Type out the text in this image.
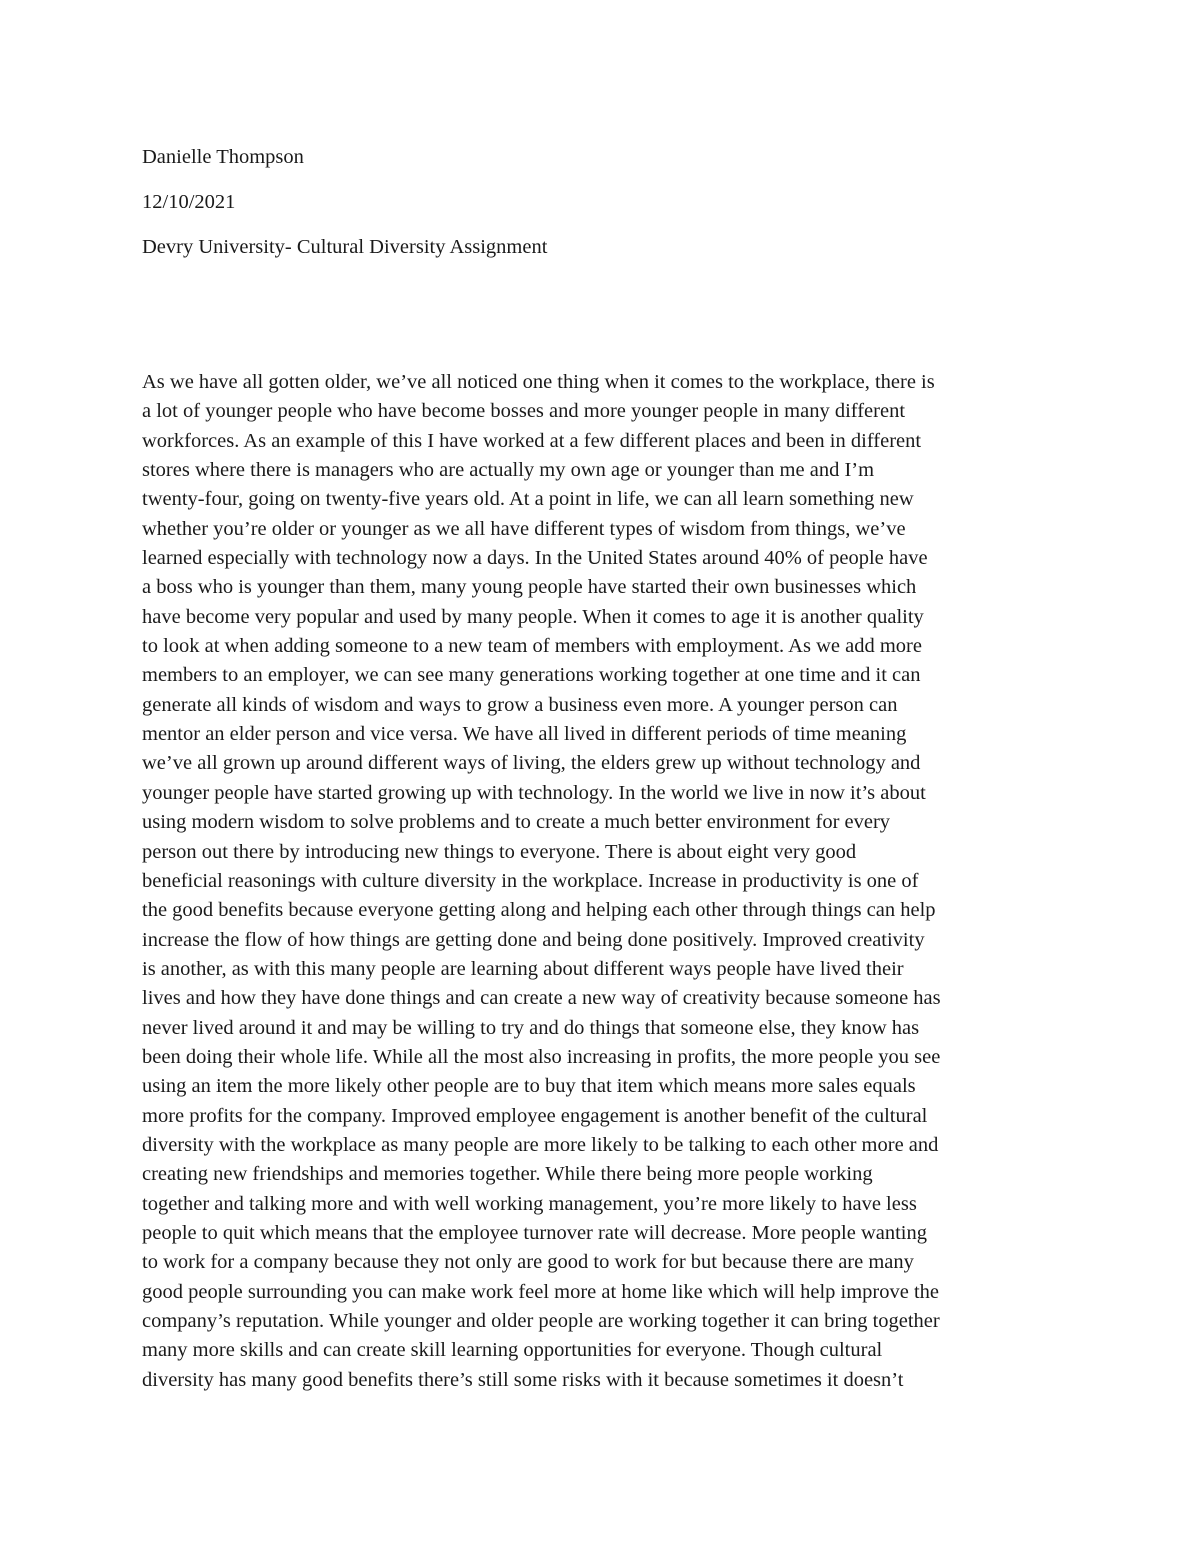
Danielle Thompson
12/10/2021
Devry University- Cultural Diversity Assignment
As we have all gotten older, we’ve all noticed one thing when it comes to the workplace, there is
a lot of younger people who have become bosses and more younger people in many different
workforces. As an example of this I have worked at a few different places and been in different
stores where there is managers who are actually my own age or younger than me and I’m
twenty-four, going on twenty-five years old. At a point in life, we can all learn something new
whether you’re older or younger as we all have different types of wisdom from things, we’ve
learned especially with technology now a days. In the United States around 40% of people have
a boss who is younger than them, many young people have started their own businesses which
have become very popular and used by many people. When it comes to age it is another quality
to look at when adding someone to a new team of members with employment. As we add more
members to an employer, we can see many generations working together at one time and it can
generate all kinds of wisdom and ways to grow a business even more. A younger person can
mentor an elder person and vice versa. We have all lived in different periods of time meaning
we’ve all grown up around different ways of living, the elders grew up without technology and
younger people have started growing up with technology. In the world we live in now it’s about
using modern wisdom to solve problems and to create a much better environment for every
person out there by introducing new things to everyone. There is about eight very good
beneficial reasonings with culture diversity in the workplace. Increase in productivity is one of
the good benefits because everyone getting along and helping each other through things can help
increase the flow of how things are getting done and being done positively. Improved creativity
is another, as with this many people are learning about different ways people have lived their
lives and how they have done things and can create a new way of creativity because someone has
never lived around it and may be willing to try and do things that someone else, they know has
been doing their whole life. While all the most also increasing in profits, the more people you see
using an item the more likely other people are to buy that item which means more sales equals
more profits for the company. Improved employee engagement is another benefit of the cultural
diversity with the workplace as many people are more likely to be talking to each other more and
creating new friendships and memories together. While there being more people working
together and talking more and with well working management, you’re more likely to have less
people to quit which means that the employee turnover rate will decrease. More people wanting
to work for a company because they not only are good to work for but because there are many
good people surrounding you can make work feel more at home like which will help improve the
company’s reputation. While younger and older people are working together it can bring together
many more skills and can create skill learning opportunities for everyone. Though cultural
diversity has many good benefits there’s still some risks with it because sometimes it doesn’t
